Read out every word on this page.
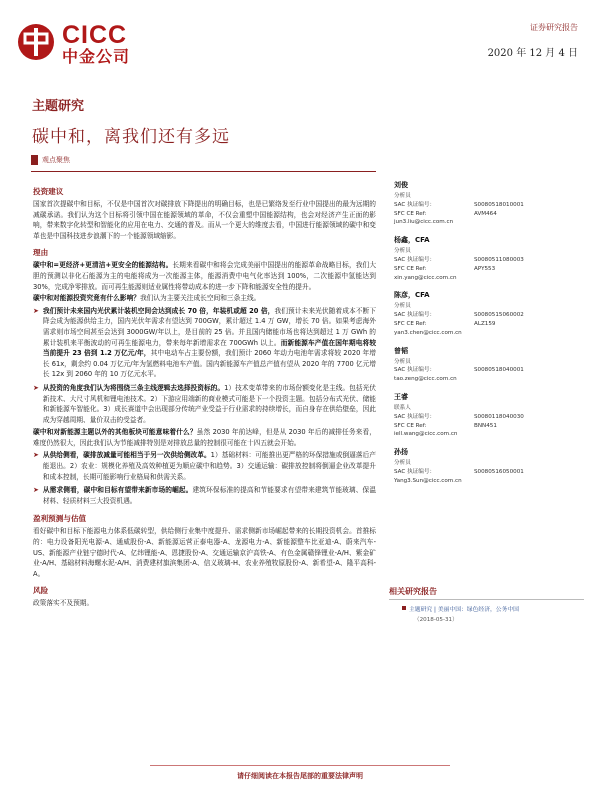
CICC
中金公司
证券研究报告
2020 年 12 月 4 日
主题研究
碳中和，离我们还有多远
观点聚焦
投资建议

国家首次提碳中和目标，不仅是中国首次对碳排放下降提出的明确目标，也是已繁络发至行业中国提出的最为远期的减碳承诺。我们认为这个目标将引领中国在能源领域的革命，不仅会重塑中国能源结构，也会对经济产生正面的影响，带来数字化转型和智能化的应用在电力、交通的普及。而从一个更大的维度去看，中国进行能源领域的碳中和变革也是中国科技进步浪潮下的一个能源领域缩影。

理由

碳中和=更经济+更清洁+更安全的能源结构。长期来看碳中和将会完成美丽中国提出的能源革命战略目标，我们大胆的预测以非化石能源为主的电能将成为一次能源主体，能源消费中电气化率达到 100%，二次能源中氢能达到 30%，完成净零排放。而可再生能源则适业属性将带动成本的进一步下降和能源安全性的提升。

碳中和对能源投资究竟有什么影响？我们认为主要关注成长空间和三条主线。

➤ 我们预计未来国内光伏累计装机空间会达到成长 70 倍，年装机或超 20 倍，我们预计未来光伏随着成本不断下降会成为能源供给主力，国内光伏年需求有望达到 700GW，累计超过 1.4 万 GW，增长 70 倍。如果考虑海外需求则市场空间甚至会达到 3000GW/年以上，是目前的 25 倍。并且国内储能市场也将达到超过 1 万 GWh 的累计装机来平衡波动的可再生能源电力，带来每年新增需求在 700GWh 以上。而新能源车产值在国年期电将较当前提升 23 倍到 1.2 万亿元/年，其中电动车占主要份额，我们预计 2060 年动力电池年需求将较 2020 年增长 61x，剩余约 0.04 万亿元/年为氢燃料电池车产值。国内新能源车产值总产值有望从 2020 年的 7700 亿元增长 12x 到 2060 年的 10 万亿元水平。

➤ 从投资的角度我们认为将围绕三条主线逻辑去选择投资标的。1）技术变革带来的市场份额变化是主线。包括光伏新技术、大尺寸风机和锂电池技术。2）下游应用端新的商业模式可能是下一个投资主题。包括分布式光伏、储能和新能源车智能化。3）成长赛道中会出现部分传统产业受益于行业需求的持续增长，而自身存在供给壁垒，因此成为穿越周期、量价双击的受益者。

碳中和对新能源主题以外的其他板块可能意味着什么？虽然 2030 年前达峰，但是从 2030 年后的减排任务来看，难度仍然很大，因此我们认为节能减排特别是对排放总量的控制很可能在十四五就会开始。

➤ 从供给侧看，碳排放减量可能相当于另一次供给侧改革。1）基础材料：可能推出更严格的环保措施或倒逼落后产能退出。2）农业：规模化养殖及高效种植更为顺应碳中和趋势。3）交通运输：碳排放控制将倒逼企业改革提升和成本控制，长期可能影响行业格局和供需关系。

➤ 从需求侧看，碳中和目标有望带来新市场的崛起。建筑环保标准的提高和节能要求有望带来建筑节能玻璃、保温材料、轻质材料三大投资机遇。

盈利预测与估值

看好碳中和目标下能源电力体系低碳转型，供给侧行业集中度提升、需求侧新市场崛起带来的长期投资机会。首推标的：电力设备阳光电源-A、通威股份-A、新能源运营正泰电器-A、龙源电力-A、新能源整车比亚迪-A、蔚来汽车-US、新能源产业链宁德时代-A、亿纬锂能-A、恩捷股份-A、交通运输京沪高铁-A、有色金属赣锋锂业-A/H、紫金矿业-A/H、基础材料海螺水泥-A/H、消费建材旗滨集团-A、信义玻璃-H、农业养殖牧原股份-A、新希望-A、隆平高科-A。

风险

政策落实不及预期。

刘俊
分析员
SAC 执证编号：	S0080518010001
SFC CE Ref:	AVM464
jun3.liu@cicc.com.cn
杨鑫，CFA
分析员
SAC 执证编号：	S0080511080003
SFC CE Ref:	APY553
xin.yang@cicc.com.cn
陈彦，CFA
分析员
SAC 执证编号：	S0080515060002
SFC CE Ref:	ALZ159
yan3.chen@cicc.com.cn
曾韬
分析员
SAC 执证编号：	S0080518040001
tao.zeng@cicc.com.cn
王睿
联系人
SAC 执证编号：	S0080118040030
SFC CE Ref:	BNN451
iell.wang@cicc.com.cn
孙扬
分析员
SAC 执证编号：	S0080516050001
Yang3.Sun@cicc.com.cn
相关研究报告
主题研究 | 美丽中国：绿色经济，公务中国
（2018-05-31）
请仔细阅读在本报告尾部的重要法律声明
